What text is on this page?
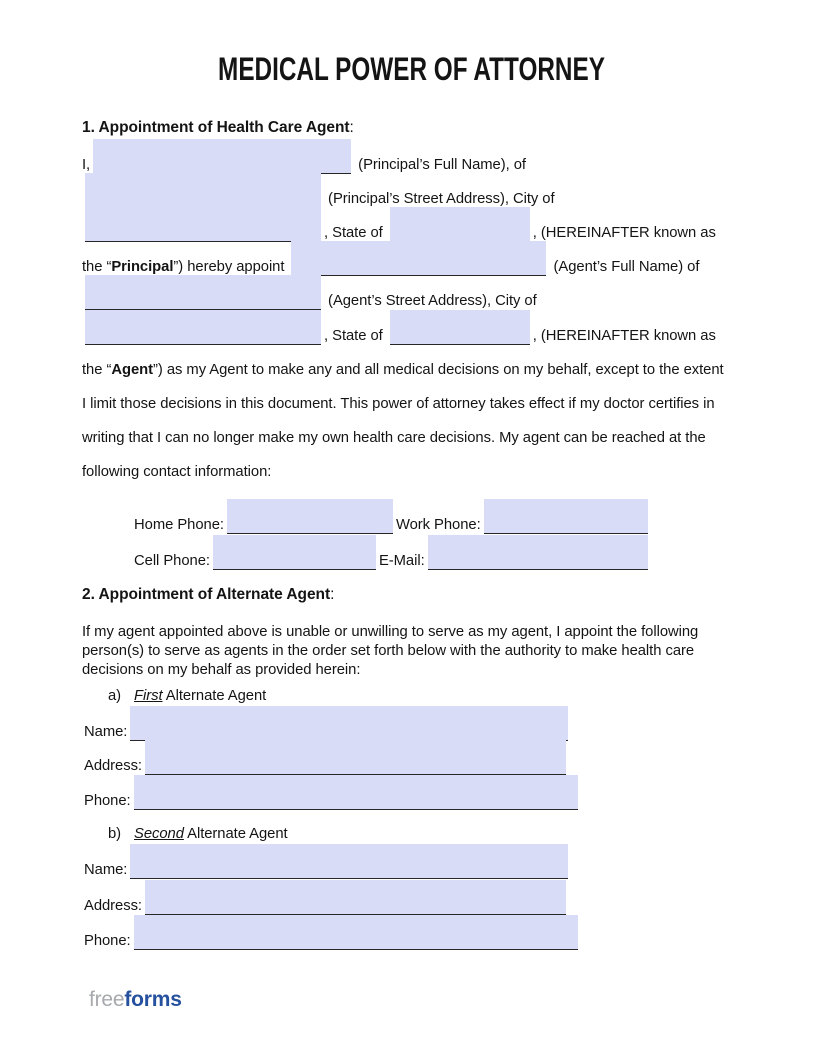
MEDICAL POWER OF ATTORNEY
1. Appointment of Health Care Agent:
I,	(Principal’s Full Name), of
(Principal’s Street Address), City of
, State of	, (HEREINAFTER known as
the “Principal”) hereby appoint	(Agent’s Full Name) of
(Agent’s Street Address), City of
, State of	, (HEREINAFTER known as
the “Agent”) as my Agent to make any and all medical decisions on my behalf, except to the extent
I limit those decisions in this document. This power of attorney takes effect if my doctor certifies in
writing that I can no longer make my own health care decisions. My agent can be reached at the
following contact information:
Home Phone:	Work Phone:
Cell Phone:	E-Mail:
2. Appointment of Alternate Agent:
If my agent appointed above is unable or unwilling to serve as my agent, I appoint the following
person(s) to serve as agents in the order set forth below with the authority to make health care
decisions on my behalf as provided herein:
a) First Alternate Agent
Name:
Address:
Phone:
b) Second Alternate Agent
Name:
Address:
Phone:
freeforms
